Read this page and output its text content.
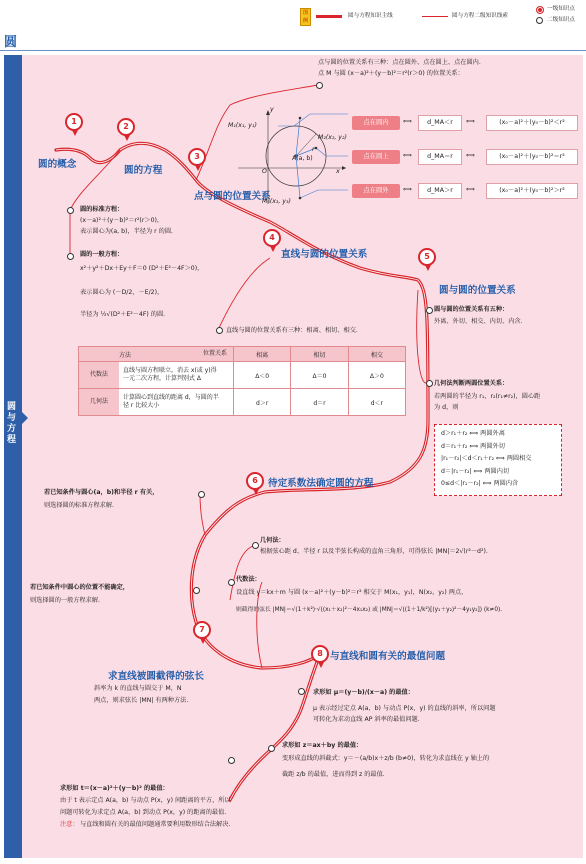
图例
圆与方程知识主线	圆与方程二级知识线索
一级知识点
二级知识点
圆
圆与方程
1
2
3
4
5
6
7
8
圆的概念
圆的方程
点与圆的位置关系
直线与圆的位置关系
圆与圆的位置关系
待定系数法确定圆的方程
求直线被圆截得的弦长
与直线和圆有关的最值问题
点与圆的位置关系有三种：点在圆外、点在圆上、点在圆内.
点 M 与圆 (x－a)²＋(y－b)²＝r²(r＞0) 的位置关系：
M₁(x₁, y₁)
M₂(x₂, y₂)
M₃(x₃, y₃)
A(a, b)
O
r
x
y
点在圆内	d_MA＜r	(x₀－a)²＋(y₀－b)²＜r²
点在圆上	d_MA＝r	(x₀－a)²＋(y₀－b)²＝r²
点在圆外	d_MA＞r	(x₀－a)²＋(y₀－b)²＞r²
⟺	⟺
⟺	⟺
⟺	⟺
圆的标准方程：
(x－a)²＋(y－b)²＝r²(r＞0)，
表示圆心为(a, b)，半径为 r 的圆.
圆的一般方程：
x²＋y²＋Dx＋Ey＋F＝0 (D²＋E²－4F＞0)，
表示圆心为 (－D/2，－E/2)，
半径为 ½√(D²＋E²－4F) 的圆.
直线与圆的位置关系有三种：相离、相切、相交.
方法 位置关系	相离	相切	相交

代数法
直线与圆方程联立，消去 x(或 y)得
一元二次方程，计算判别式 Δ	Δ＜0	Δ＝0	Δ＞0

几何法
计算圆心到直线的距离 d，与圆的半
径 r 比较大小	d＞r	d＝r	d＜r
圆与圆的位置关系有五种：
外离、外切、相交、内切、内含.
几何法判断两圆位置关系：
若两圆的半径为 r₁，r₂(r₁≠r₂)，圆心距
为 d，则
d＞r₁＋r₂ ⟺ 两圆外离
d＝r₁＋r₂ ⟺ 两圆外切
|r₁－r₂|＜d＜r₁＋r₂ ⟺ 两圆相交
d＝|r₁－r₂| ⟺ 两圆内切
0≤d＜|r₁－r₂| ⟺ 两圆内含
若已知条件与圆心(a，b)和半径 r 有关，
则选择圆的标准方程求解.
若已知条件中圆心的位置不能确定，
则选择圆的一般方程求解.
几何法：
根据弦心距 d、半径 r 以及半弦长构成的直角三角形，可得弦长 |MN|＝2√(r²－d²).
代数法：
设直线 y＝kx＋m 与圆 (x－a)²＋(y－b)²＝r² 相交于 M(x₁，y₁)，N(x₂，y₂) 两点，
则截得的弦长 |MN|＝√(1＋k²)·√((x₁＋x₂)²－4x₁x₂) 或 |MN|＝√((1＋1/k²)[(y₁＋y₂)²－4y₁y₂]) (k≠0).
斜率为 k 的直线与圆交于 M，N
两点，则求弦长 |MN| 有两种方法.
求形如 μ＝(y－b)/(x－a) 的最值：
μ 表示经过定点 A(a，b) 与动点 P(x，y) 的直线的斜率，所以问题
可转化为求动直线 AP 斜率的最值问题.
求形如 z＝ax＋by 的最值：
变形成直线的斜截式：y＝－(a/b)x＋z/b (b≠0)，转化为求直线在 y 轴上的
截距 z/b 的最值，进而得到 z 的最值.
求形如 t＝(x－a)²＋(y－b)² 的最值：
由于 t 表示定点 A(a，b) 与动点 P(x，y) 间距离的平方，所以
问题可转化为求定点 A(a，b) 到动点 P(x，y) 的距离的最值.
注意： 与直线和圆有关的最值问题通常要利用数形结合法解决.
